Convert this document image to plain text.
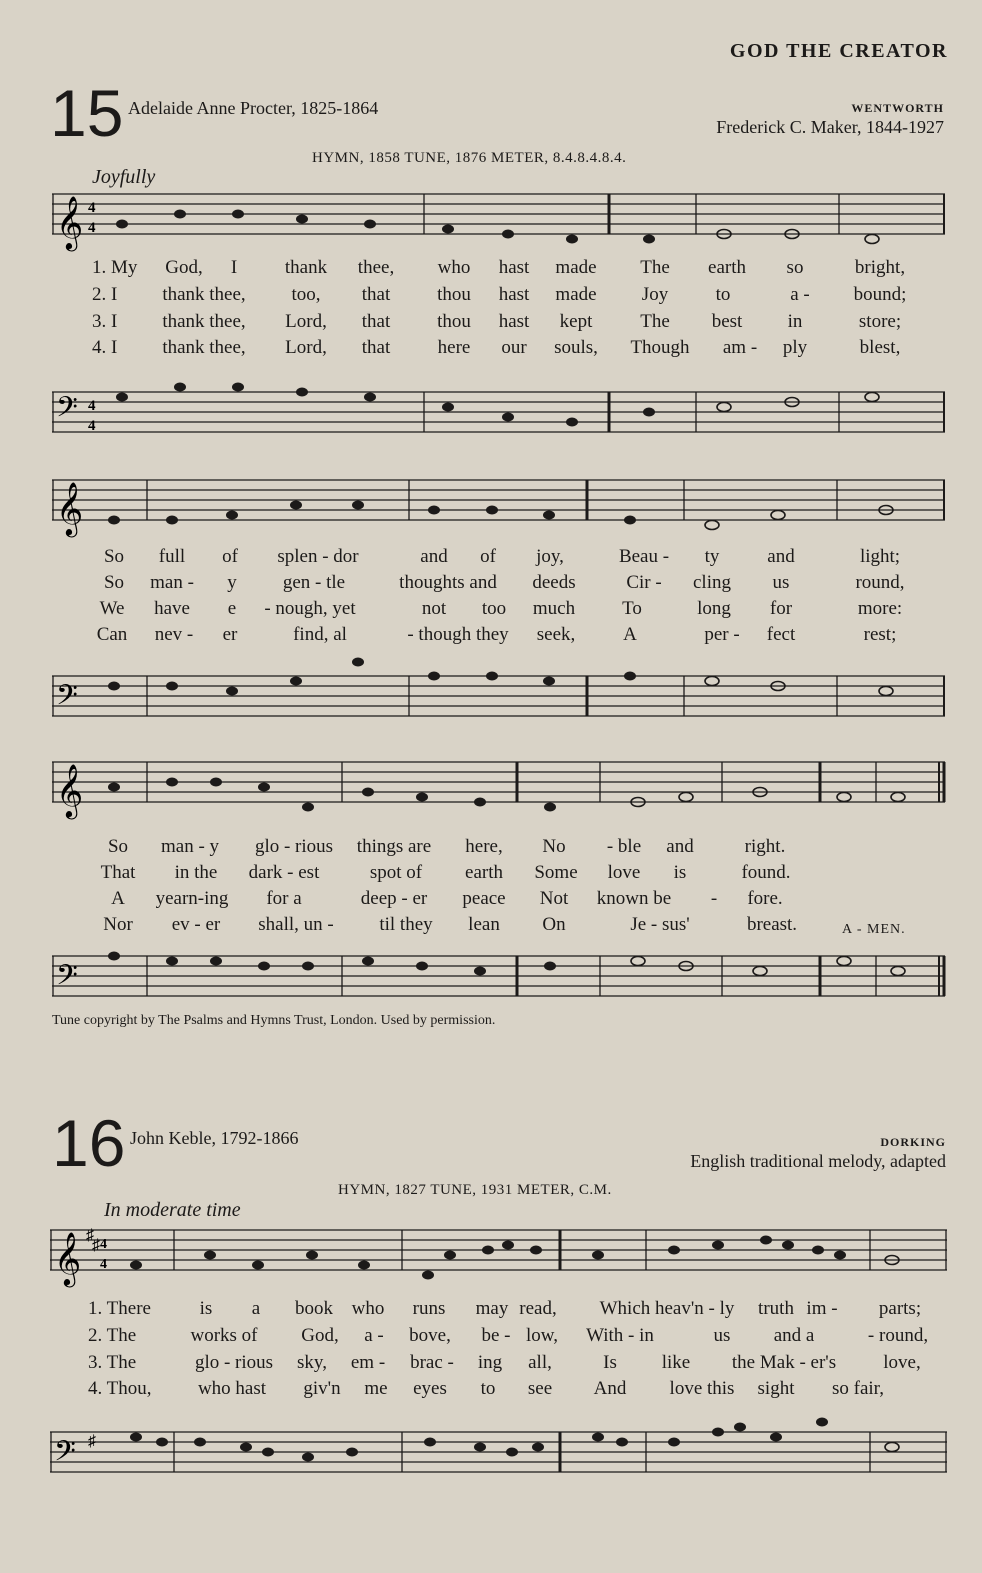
GOD THE CREATOR
15 Adelaide Anne Procter, 1825-1864	WENTWORTH
Frederick C. Maker, 1844-1927
HYMN, 1858 TUNE, 1876 METER, 8.4.8.4.8.4.
Joyfully
𝄞 4
4
1. My God, I	thank thee, who hast made The earth so	bright,
2. I thank thee, too, that thou hast made Joy to	a - bound;
3. I thank thee, Lord, that thou hast kept	The best in	store;
4. I thank thee, Lord, that here our souls, Though am - ply	blest,
𝄢 4
4
𝄞
So full of splen - dor	and of joy,	Beau - ty	and	light;
So man - y gen - tle	thoughts and deeds	Cir - cling us	round,
We have e - nough, yet	not too much To	long for	more:
Can nev - er	find, al	- though they seek,	A	per - fect	rest;
𝄢
𝄞
So man - y glo - rious things are here, No - ble and	right.
That in the dark - est	spot of earth Some love is	found.
A yearn-ing for a	deep - er peace Not known be - fore.
Nor ev - er shall, un - til they lean On	Je - sus'	breast.	A - MEN.
𝄢
Tune copyright by The Psalms and Hymns Trust, London. Used by permission.
16 John Keble, 1792-1866	DORKING
English traditional melody, adapted
HYMN, 1827 TUNE, 1931 METER, C.M.
In moderate time
𝄞 ♯
♯ 4
4
1. There	is a book who runs may read, Which heav'n - ly truth im - parts;
2. The	works of God, a - bove, be - low, With - in	us and a	- round,
3. The	glo - rious sky, em - brac - ing all,	Is like the Mak - er's love,
4. Thou, who hast giv'n me eyes to see And love this sight so fair,
𝄢 ♯
